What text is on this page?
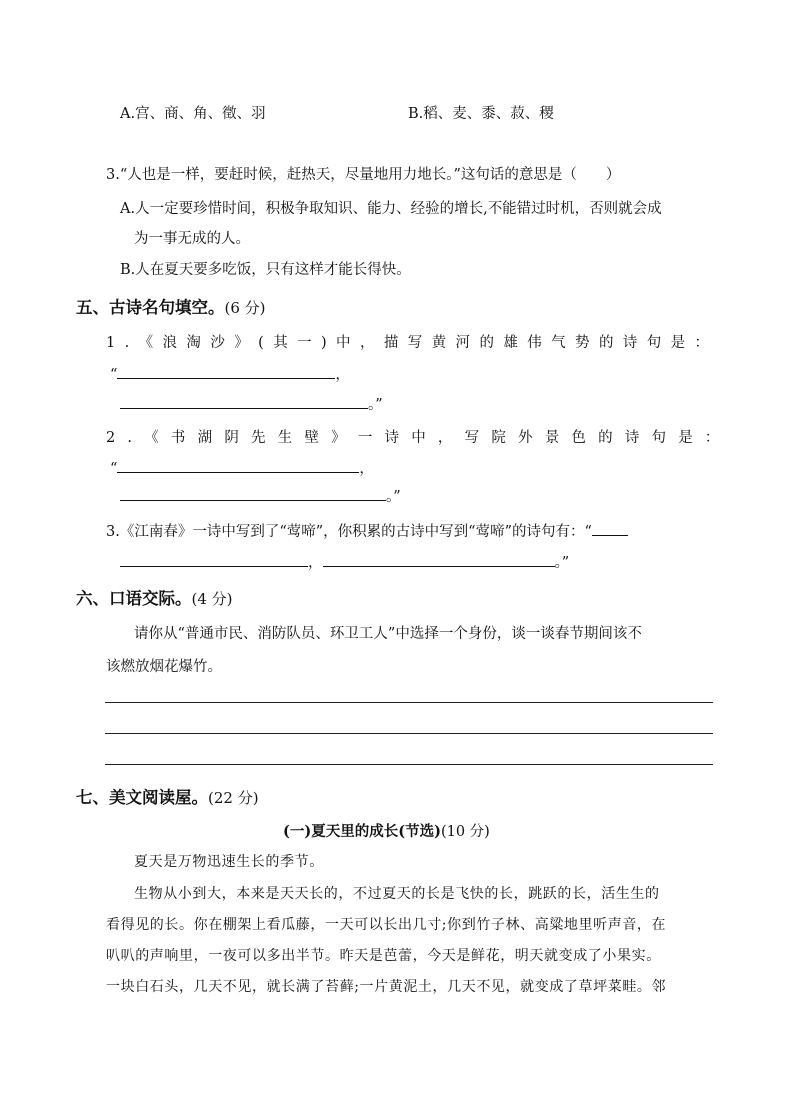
A.宫、商、角、徵、羽	B.稻、麦、黍、菽、稷
3.“人也是一样，要赶时候，赶热天，尽量地用力地长。”这句话的意思是（　　）
A.人一定要珍惜时间，积极争取知识、能力、经验的增长,不能错过时机，否则就会成
为一事无成的人。
B.人在夏天要多吃饭，只有这样才能长得快。
五、古诗名句填空。(6 分)
1.《浪淘沙》(其一)中，描写黄河的雄伟气势的诗句是：
“	，
。”
2.《书湖阴先生壁》一诗中，写院外景色的诗句是：
“	，
。”
3.《江南春》一诗中写到了“莺啼”，你积累的古诗中写到“莺啼”的诗句有：“
，	。”
六、口语交际。(4 分)
请你从“普通市民、消防队员、环卫工人”中选择一个身份，谈一谈春节期间该不
该燃放烟花爆竹。
七、美文阅读屋。(22 分)
(一)夏天里的成长(节选)(10 分)
夏天是万物迅速生长的季节。
生物从小到大，本来是天天长的，不过夏天的长是飞快的长，跳跃的长，活生生的
看得见的长。你在棚架上看瓜藤，一天可以长出几寸;你到竹子林、高粱地里听声音，在
叭叭的声响里，一夜可以多出半节。昨天是芭蕾，今天是鲜花，明天就变成了小果实。
一块白石头，几天不见，就长满了苔藓;一片黄泥土，几天不见，就变成了草坪菜畦。邻
